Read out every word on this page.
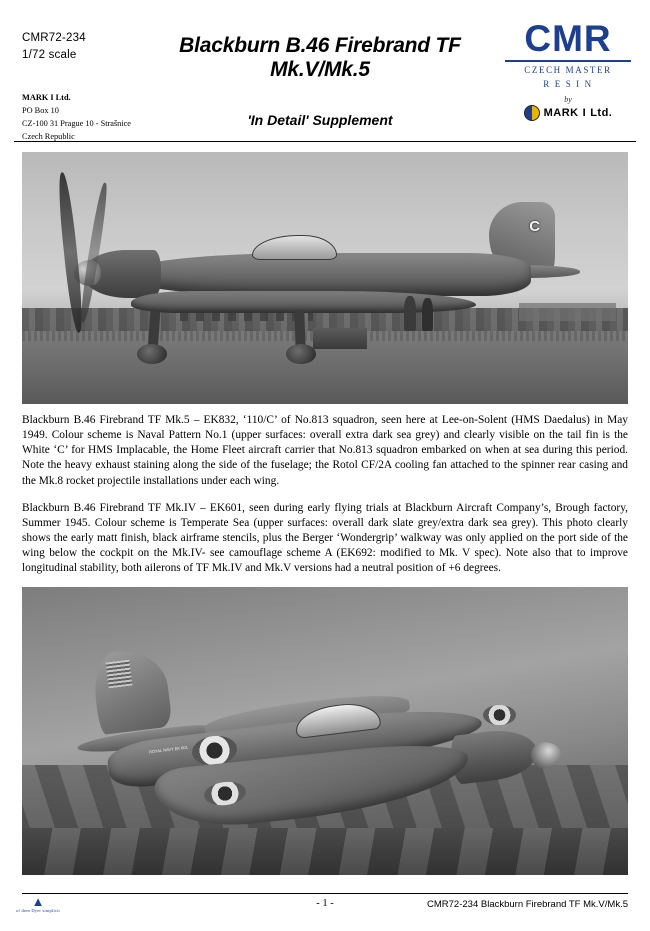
CMR72-234
1/72 scale
MARK I Ltd.
PO Box 10
CZ-100 31 Prague 10 - Strašnice
Czech Republic
Blackburn B.46 Firebrand TF Mk.V/Mk.5
'In Detail' Supplement
CMR
CZECH MASTER
R E S I N
by
MARK I Ltd.
C

Blackburn B.46 Firebrand TF Mk.5 – EK832, ‘110/C’ of No.813 squadron, seen here at Lee-on-Solent (HMS Daedalus) in May 1949. Colour scheme is Naval Pattern No.1 (upper surfaces: overall extra dark sea grey) and clearly visible on the tail fin is the White ‘C’ for HMS Implacable, the Home Fleet aircraft carrier that No.813 squadron embarked on when at sea during this period. Note the heavy exhaust staining along the side of the fuselage; the Rotol CF/2A cooling fan attached to the spinner rear casing and the Mk.8 rocket projectile installations under each wing.

Blackburn B.46 Firebrand TF Mk.IV – EK601, seen during early flying trials at Blackburn Aircraft Company’s, Brough factory, Summer 1945. Colour scheme is Temperate Sea (upper surfaces: overall dark slate grey/extra dark sea grey). This photo clearly shows the early matt finish, black airframe stencils, plus the Berger ‘Wondergrip’ walkway was only applied on the port side of the wing below the cockpit on the Mk.IV- see camouflage scheme A (EK692: modified to Mk. V spec). Note also that to improve longitudinal stability, both ailerons of TF Mk.IV and Mk.V versions had a neutral position of +6 degrees.

ROYAL NAVY EK 601
▲
of then Dyer simplicit
- 1 -	CMR72-234 Blackburn Firebrand TF Mk.V/Mk.5
